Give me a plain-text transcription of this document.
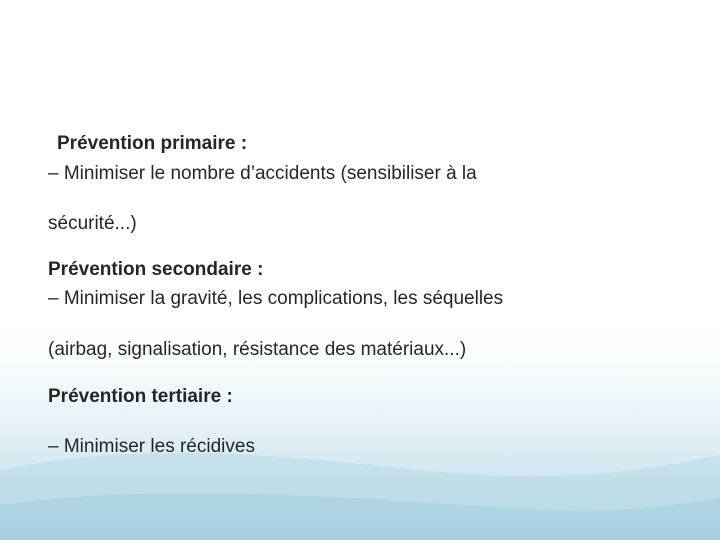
Prévention primaire :

– Minimiser le nombre d’accidents (sensibiliser à la

sécurité...)

Prévention secondaire :

– Minimiser la gravité, les complications, les séquelles

(airbag, signalisation, résistance des matériaux...)

Prévention tertiaire :

– Minimiser les récidives
